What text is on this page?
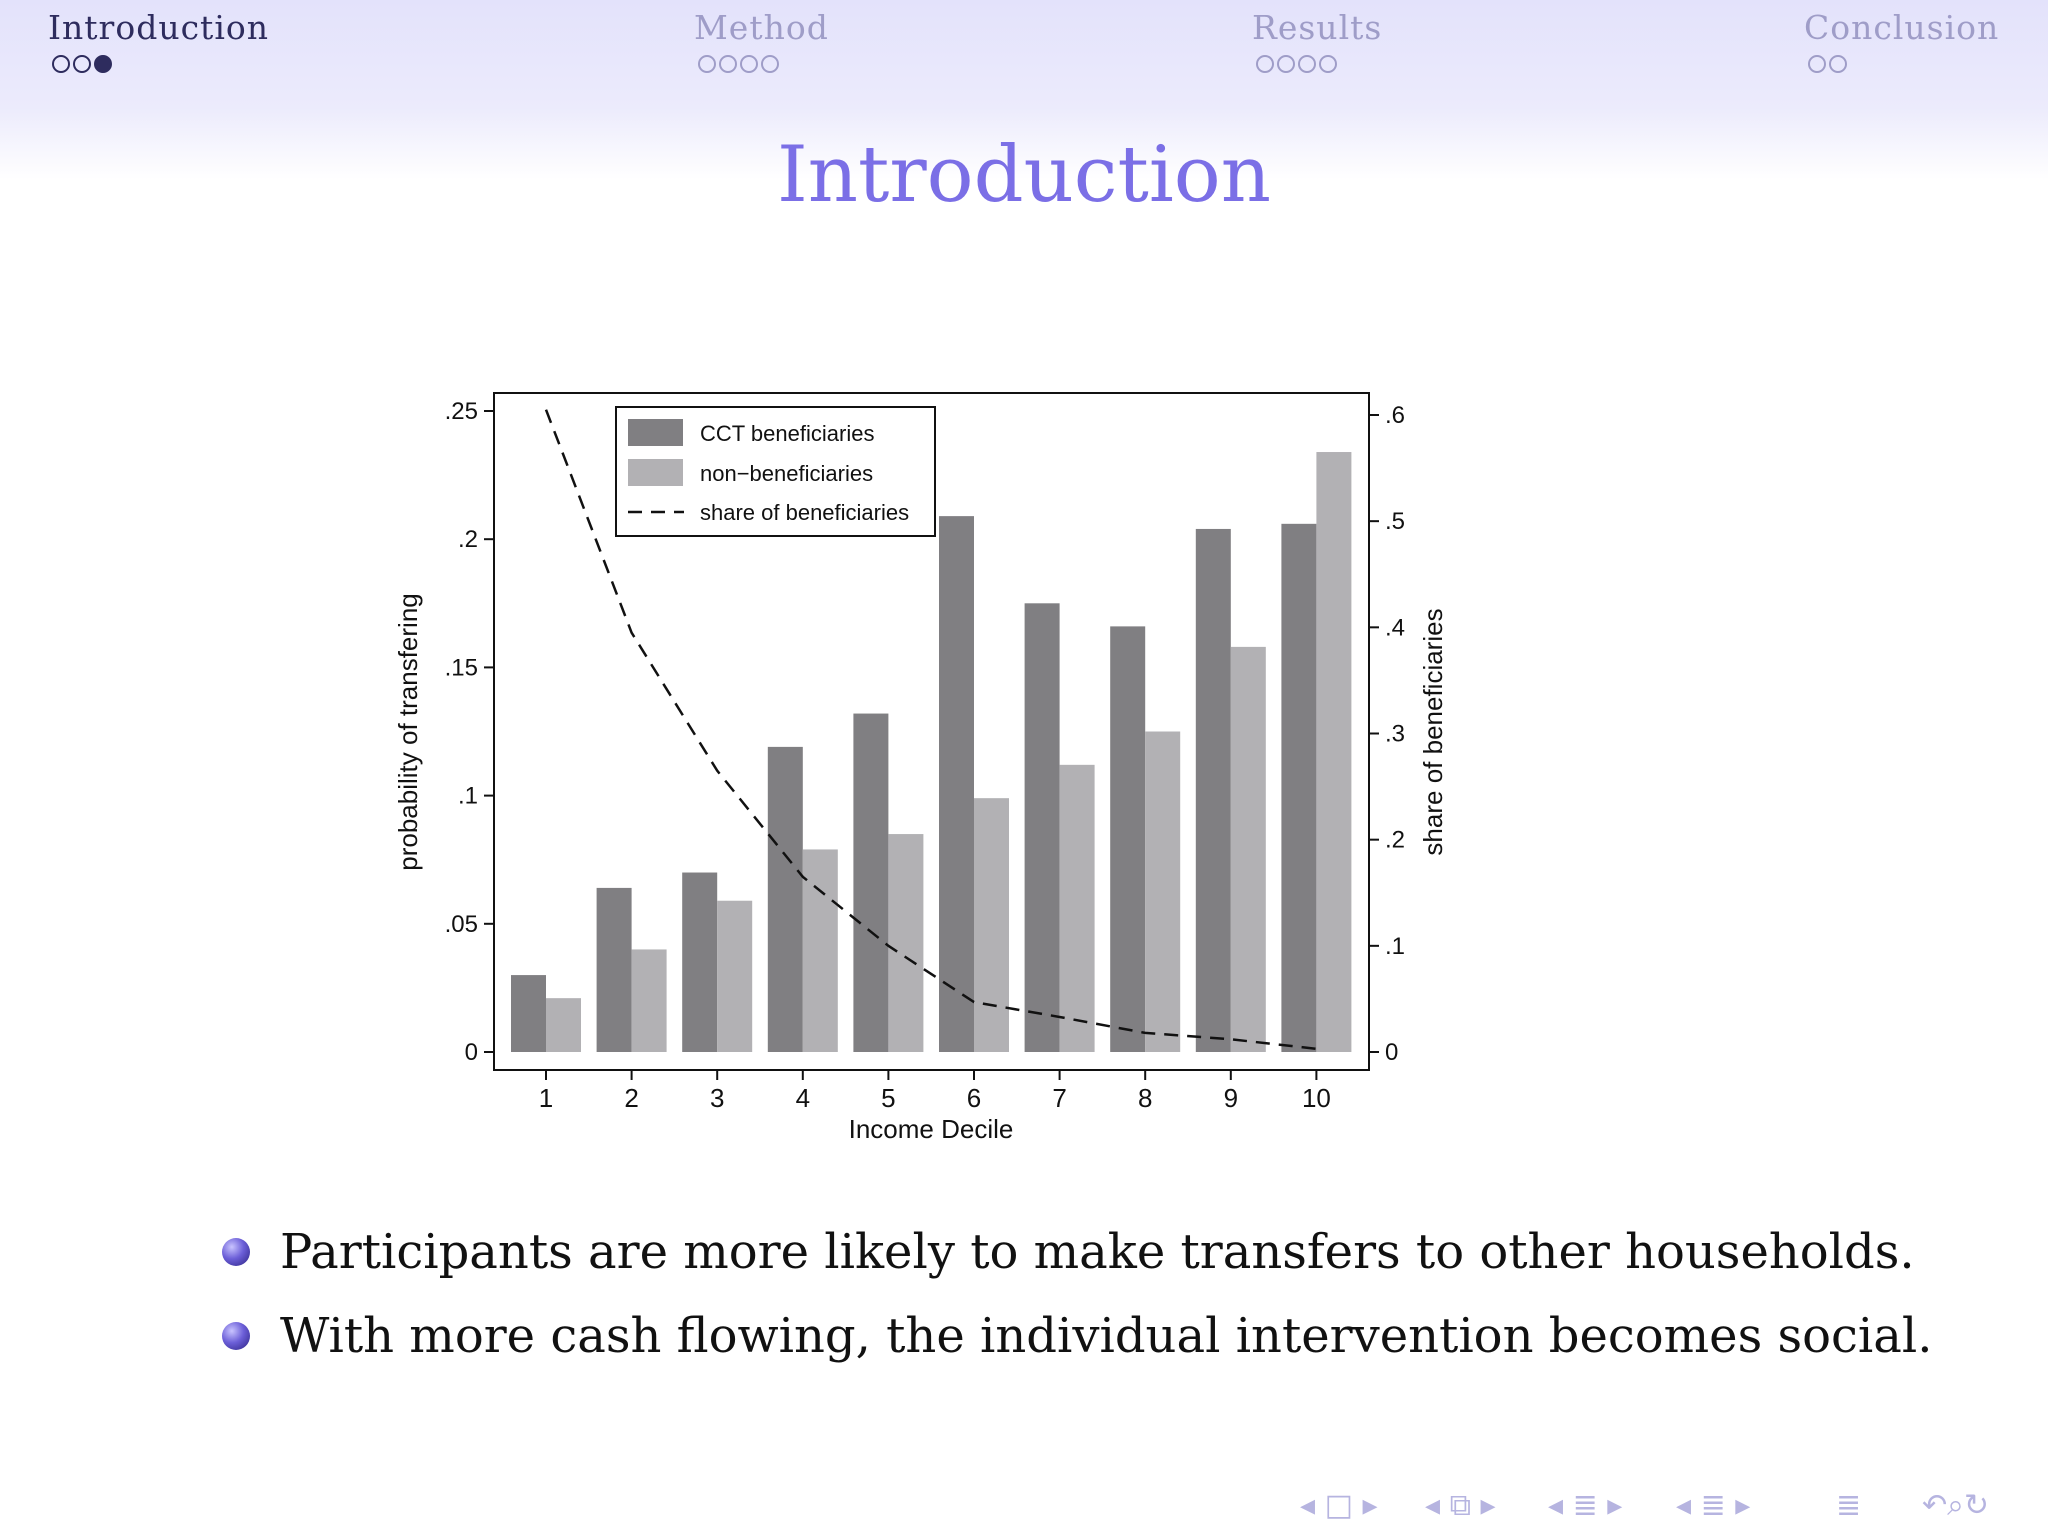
Introduction	Method	Results	Conclusion
Introduction
0
.05
.1
.15
.2
.25
0
.1
.2
.3
.4
.5
.6
1	2	3	4	5	6	7	8	9 10
CCT beneficiaries
non−beneficiaries
share of beneficiaries
Income Decile
probability of transfering	share of beneficiaries
Participants are more likely to make transfers to other households.
With more cash flowing, the individual intervention becomes social.
◂ □ ▸ ◂ ⧉ ▸ ◂ ≣ ▸ ◂ ≣ ▸	≣ ↶⌕↻
